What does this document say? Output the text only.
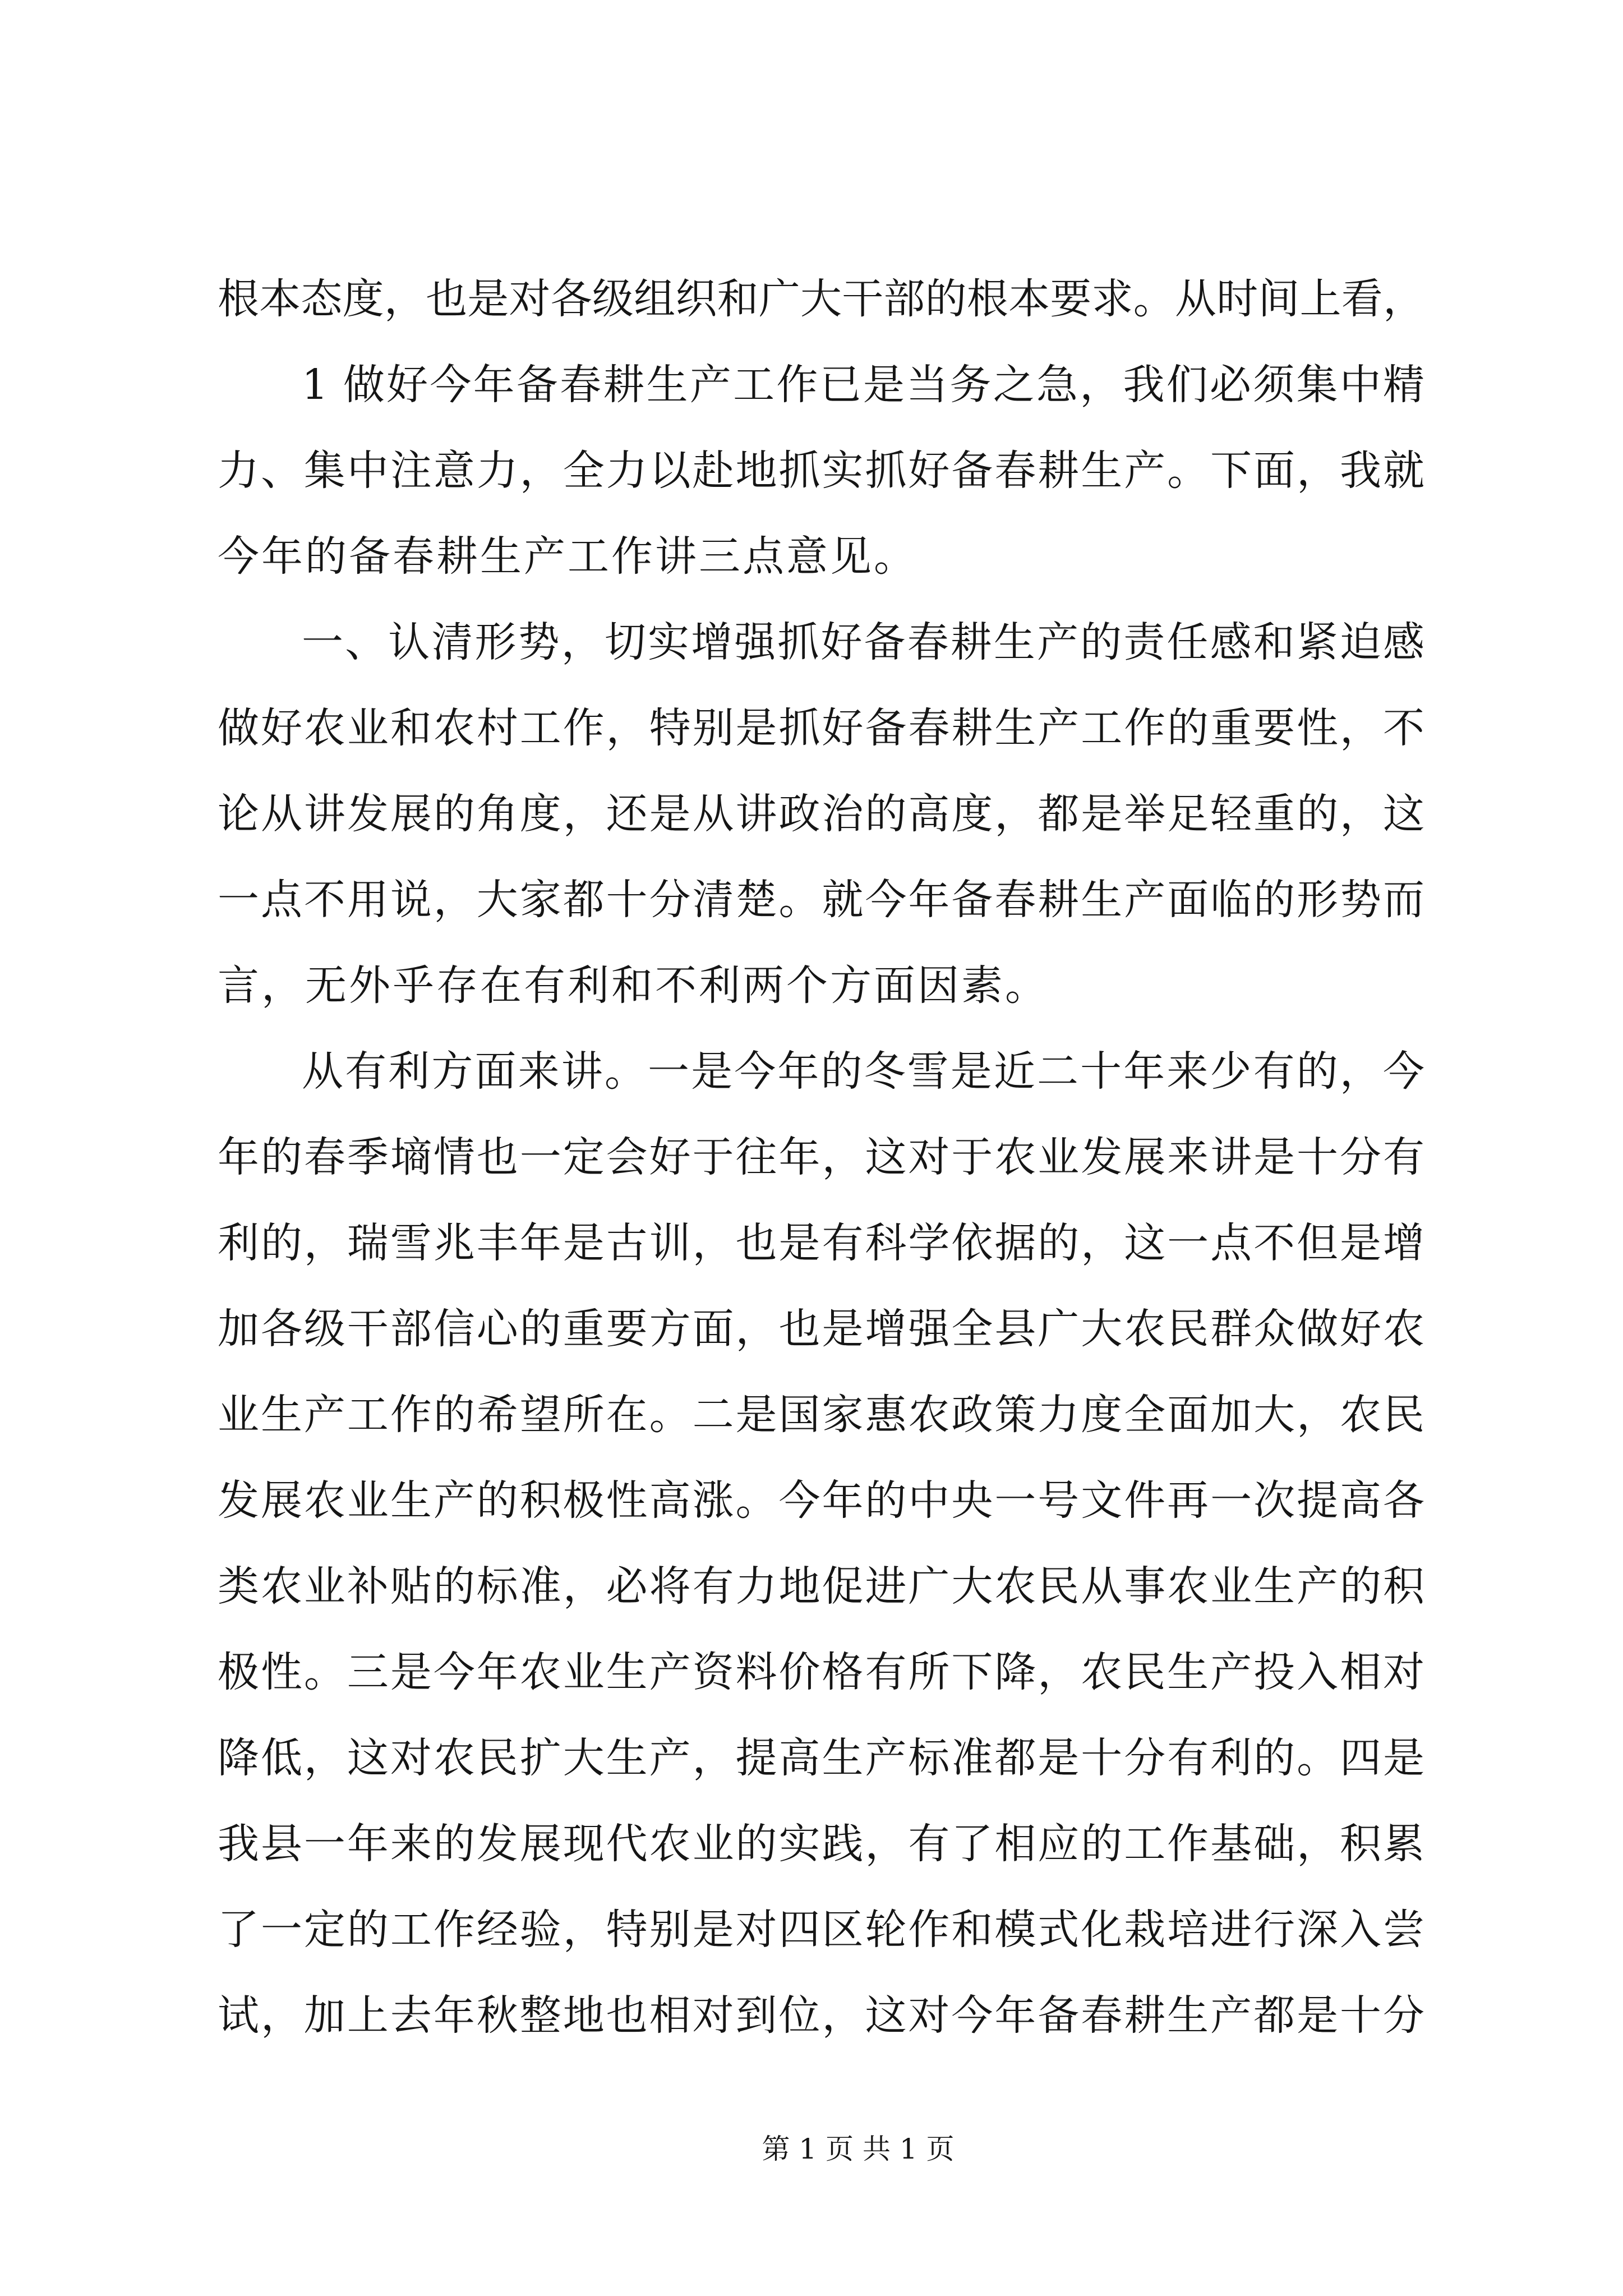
根本态度，也是对各级组织和广大干部的根本要求。从时间上看，
1 做好今年备春耕生产工作已是当务之急，我们必须集中精
力、集中注意力，全力以赴地抓实抓好备春耕生产。下面，我就
今年的备春耕生产工作讲三点意见。
一、认清形势，切实增强抓好备春耕生产的责任感和紧迫感
做好农业和农村工作，特别是抓好备春耕生产工作的重要性，不
论从讲发展的角度，还是从讲政治的高度，都是举足轻重的，这
一点不用说，大家都十分清楚。就今年备春耕生产面临的形势而
言，无外乎存在有利和不利两个方面因素。
从有利方面来讲。一是今年的冬雪是近二十年来少有的，今
年的春季墒情也一定会好于往年，这对于农业发展来讲是十分有
利的，瑞雪兆丰年是古训，也是有科学依据的，这一点不但是增
加各级干部信心的重要方面，也是增强全县广大农民群众做好农
业生产工作的希望所在。二是国家惠农政策力度全面加大，农民
发展农业生产的积极性高涨。今年的中央一号文件再一次提高各
类农业补贴的标准，必将有力地促进广大农民从事农业生产的积
极性。三是今年农业生产资料价格有所下降，农民生产投入相对
降低，这对农民扩大生产，提高生产标准都是十分有利的。四是
我县一年来的发展现代农业的实践，有了相应的工作基础，积累
了一定的工作经验，特别是对四区轮作和模式化栽培进行深入尝
试，加上去年秋整地也相对到位，这对今年备春耕生产都是十分
第 1 页 共 1 页
